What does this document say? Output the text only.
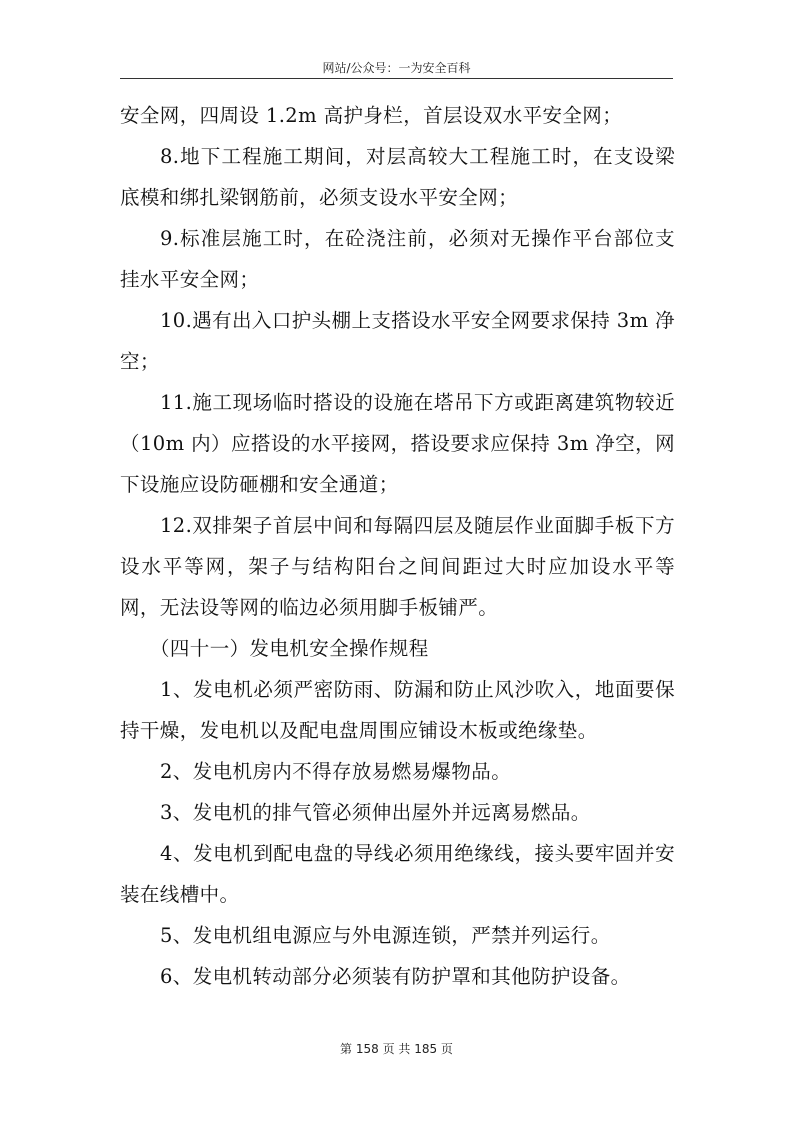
网站/公众号：一为安全百科

安全网，四周设 1.2m 高护身栏，首层设双水平安全网；

8.地下工程施工期间，对层高较大工程施工时，在支设梁底模和绑扎梁钢筋前，必须支设水平安全网；

9.标准层施工时，在砼浇注前，必须对无操作平台部位支挂水平安全网；

10.遇有出入口护头棚上支搭设水平安全网要求保持 3m 净空；

11.施工现场临时搭设的设施在塔吊下方或距离建筑物较近（10m 内）应搭设的水平接网，搭设要求应保持 3m 净空，网下设施应设防砸棚和安全通道；

12.双排架子首层中间和每隔四层及随层作业面脚手板下方设水平等网，架子与结构阳台之间间距过大时应加设水平等网，无法设等网的临边必须用脚手板铺严。

（四十一）发电机安全操作规程

1、发电机必须严密防雨、防漏和防止风沙吹入，地面要保持干燥，发电机以及配电盘周围应铺设木板或绝缘垫。

2、发电机房内不得存放易燃易爆物品。

3、发电机的排气管必须伸出屋外并远离易燃品。

4、发电机到配电盘的导线必须用绝缘线，接头要牢固并安装在线槽中。

5、发电机组电源应与外电源连锁，严禁并列运行。

6、发电机转动部分必须装有防护罩和其他防护设备。

第 158 页 共 185 页
